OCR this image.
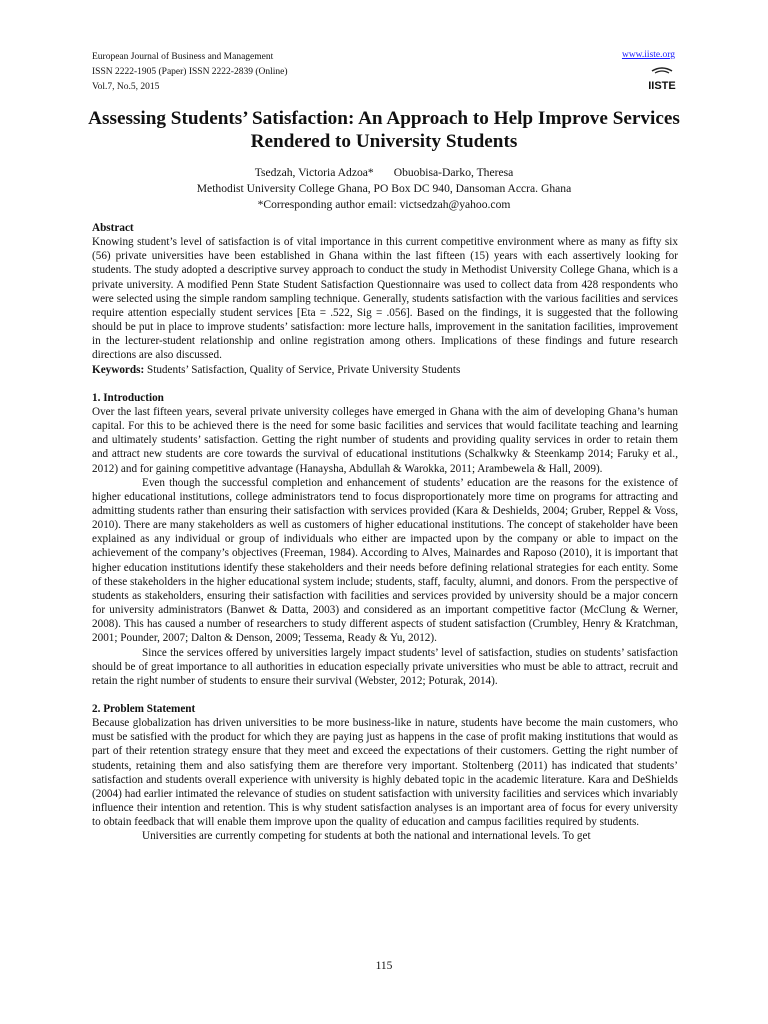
European Journal of Business and Management
ISSN 2222-1905 (Paper) ISSN 2222-2839 (Online)
Vol.7, No.5, 2015
www.iiste.org
IISTE
Assessing Students’ Satisfaction: An Approach to Help Improve Services Rendered to University Students
Tsedzah, Victoria Adzoa* Obuobisa-Darko, Theresa
Methodist University College Ghana, PO Box DC 940, Dansoman Accra. Ghana
*Corresponding author email: victsedzah@yahoo.com

Abstract

Knowing student’s level of satisfaction is of vital importance in this current competitive environment where as many as fifty six (56) private universities have been established in Ghana within the last fifteen (15) years with each assertively looking for students. The study adopted a descriptive survey approach to conduct the study in Methodist University College Ghana, which is a private university. A modified Penn State Student Satisfaction Questionnaire was used to collect data from 428 respondents who were selected using the simple random sampling technique. Generally, students satisfaction with the various facilities and services require attention especially student services [Eta = .522, Sig = .056]. Based on the findings, it is suggested that the following should be put in place to improve students’ satisfaction: more lecture halls, improvement in the sanitation facilities, improvement in the lecturer-student relationship and online registration among others. Implications of these findings and future research directions are also discussed.

Keywords: Students’ Satisfaction, Quality of Service, Private University Students

1. Introduction

Over the last fifteen years, several private university colleges have emerged in Ghana with the aim of developing Ghana’s human capital. For this to be achieved there is the need for some basic facilities and services that would facilitate teaching and learning and ultimately students’ satisfaction. Getting the right number of students and providing quality services in order to retain them and attract new students are core towards the survival of educational institutions (Schalkwky & Steenkamp 2014; Faruky et al., 2012) and for gaining competitive advantage (Hanaysha, Abdullah & Warokka, 2011; Arambewela & Hall, 2009).

Even though the successful completion and enhancement of students’ education are the reasons for the existence of higher educational institutions, college administrators tend to focus disproportionately more time on programs for attracting and admitting students rather than ensuring their satisfaction with services provided (Kara & Deshields, 2004; Gruber, Reppel & Voss, 2010). There are many stakeholders as well as customers of higher educational institutions. The concept of stakeholder have been explained as any individual or group of individuals who either are impacted upon by the company or able to impact on the achievement of the company’s objectives (Freeman, 1984). According to Alves, Mainardes and Raposo (2010), it is important that higher education institutions identify these stakeholders and their needs before defining relational strategies for each entity. Some of these stakeholders in the higher educational system include; students, staff, faculty, alumni, and donors. From the perspective of students as stakeholders, ensuring their satisfaction with facilities and services provided by university should be a major concern for university administrators (Banwet & Datta, 2003) and considered as an important competitive factor (McClung & Werner, 2008). This has caused a number of researchers to study different aspects of student satisfaction (Crumbley, Henry & Kratchman, 2001; Pounder, 2007; Dalton & Denson, 2009; Tessema, Ready & Yu, 2012).

Since the services offered by universities largely impact students’ level of satisfaction, studies on students’ satisfaction should be of great importance to all authorities in education especially private universities who must be able to attract, recruit and retain the right number of students to ensure their survival (Webster, 2012; Poturak, 2014).

2. Problem Statement

Because globalization has driven universities to be more business-like in nature, students have become the main customers, who must be satisfied with the product for which they are paying just as happens in the case of profit making institutions that would as part of their retention strategy ensure that they meet and exceed the expectations of their customers. Getting the right number of students, retaining them and also satisfying them are therefore very important. Stoltenberg (2011) has indicated that students’ satisfaction and students overall experience with university is highly debated topic in the academic literature. Kara and DeShields (2004) had earlier intimated the relevance of studies on student satisfaction with university facilities and services which invariably influence their intention and retention. This is why student satisfaction analyses is an important area of focus for every university to obtain feedback that will enable them improve upon the quality of education and campus facilities required by students.

Universities are currently competing for students at both the national and international levels. To get

115
